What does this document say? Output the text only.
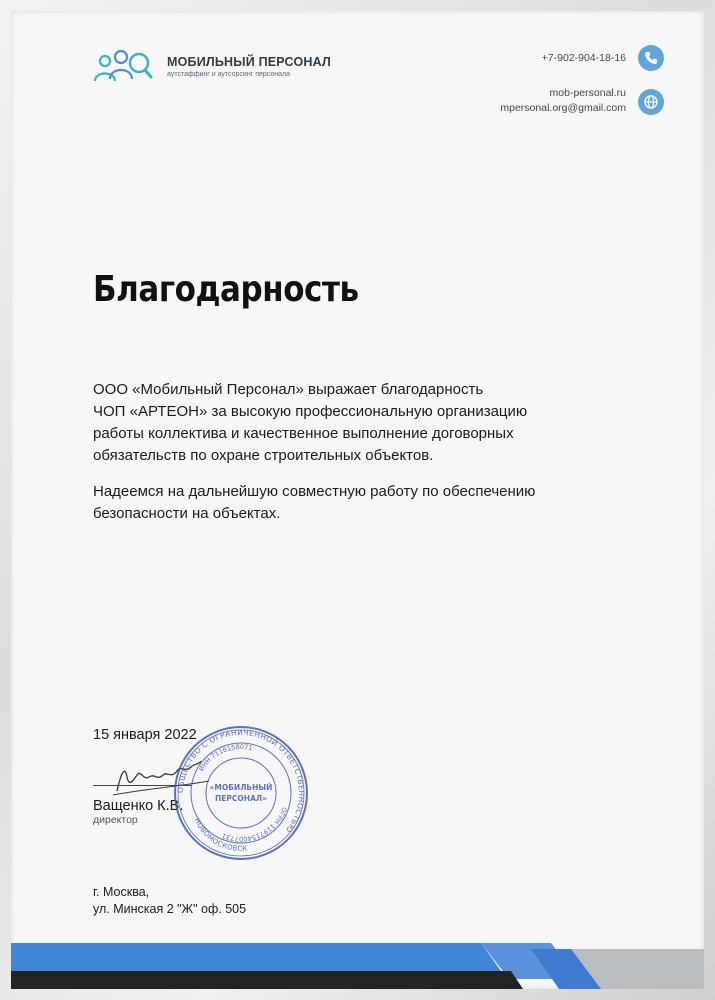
МОБИЛЬНЫЙ ПЕРСОНАЛ
аутстаффинг и аутсорсинг персонала
+7-902-904-18-16
mob-personal.ru
mpersonal.org@gmail.com
Благодарность
ООО «Мобильный Персонал» выражает благодарность
ЧОП «АРТЕОН» за высокую профессиональную организацию
работы коллектива и качественное выполнение договорных
обязательств по охране строительных объектов.
Надеемся на дальнейшую совместную работу по обеспечению
безопасности на объектах.
15 января 2022
Ващенко К.В.
директор
ОБЩЕСТВО С ОГРАНИЧЕННОЙ ОТВЕТСТВЕННОСТЬЮ
ИНН 7116158071
ОГРН 1197154007731
НОВОМОСКОВСК
«МОБИЛЬНЫЙ
ПЕРСОНАЛ»
г. Москва,
ул. Минская 2 "Ж" оф. 505
